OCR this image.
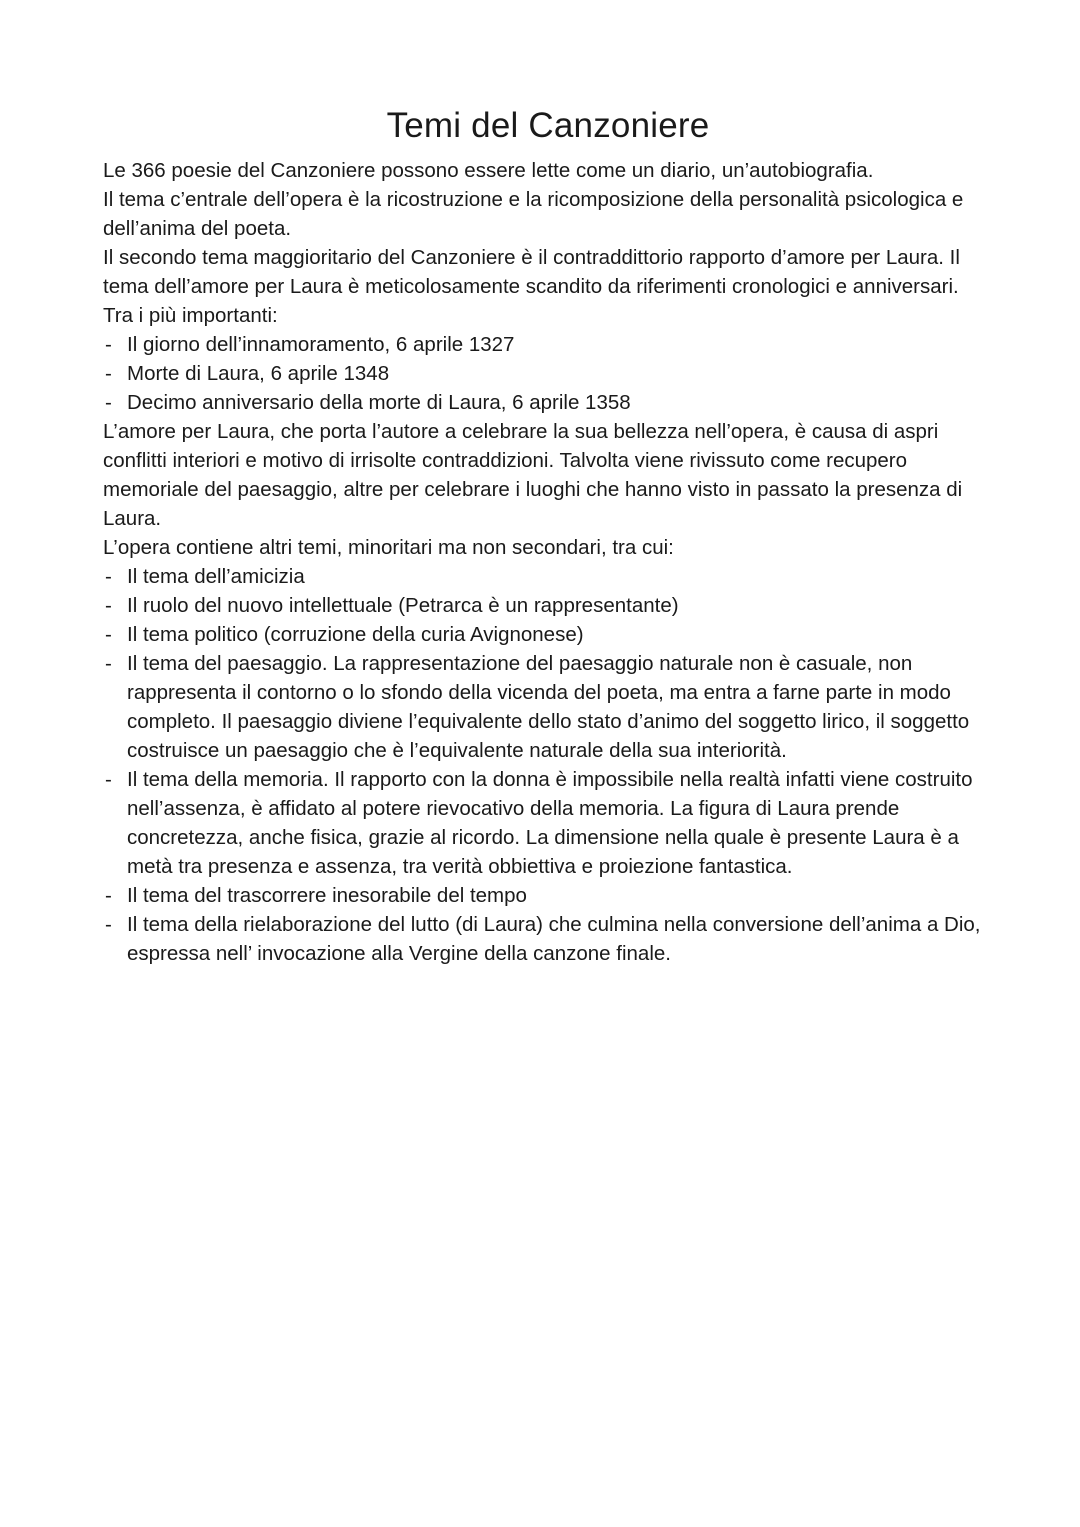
Temi del Canzoniere

Le 366 poesie del Canzoniere possono essere lette come un diario, un’autobiografia.

Il tema c’entrale dell’opera è la ricostruzione e la ricomposizione della personalità psicologica e dell’anima del poeta.

Il secondo tema maggioritario del Canzoniere è il contraddittorio rapporto d’amore per Laura. Il tema dell’amore per Laura è meticolosamente scandito da riferimenti cronologici e anniversari. Tra i più importanti:

- Il giorno dell’innamoramento, 6 aprile 1327
- Morte di Laura, 6 aprile 1348
- Decimo anniversario della morte di Laura, 6 aprile 1358

L’amore per Laura, che porta l’autore a celebrare la sua bellezza nell’opera, è causa di aspri conflitti interiori e motivo di irrisolte contraddizioni. Talvolta viene rivissuto come recupero memoriale del paesaggio, altre per celebrare i luoghi che hanno visto in passato la presenza di Laura.

L’opera contiene altri temi, minoritari ma non secondari, tra cui:

- Il tema dell’amicizia
- Il ruolo del nuovo intellettuale (Petrarca è un rappresentante)
- Il tema politico (corruzione della curia Avignonese)
- Il tema del paesaggio. La rappresentazione del paesaggio naturale non è casuale, non rappresenta il contorno o lo sfondo della vicenda del poeta, ma entra a farne parte in modo completo. Il paesaggio diviene l’equivalente dello stato d’animo del soggetto lirico, il soggetto costruisce un paesaggio che è l’equivalente naturale della sua interiorità.
- Il tema della memoria. Il rapporto con la donna è impossibile nella realtà infatti viene costruito nell’assenza, è affidato al potere rievocativo della memoria. La figura di Laura prende concretezza, anche fisica, grazie al ricordo. La dimensione nella quale è presente Laura è a metà tra presenza e assenza, tra verità obbiettiva e proiezione fantastica.
- Il tema del trascorrere inesorabile del tempo
- Il tema della rielaborazione del lutto (di Laura) che culmina nella conversione dell’anima a Dio, espressa nell’ invocazione alla Vergine della canzone finale.
